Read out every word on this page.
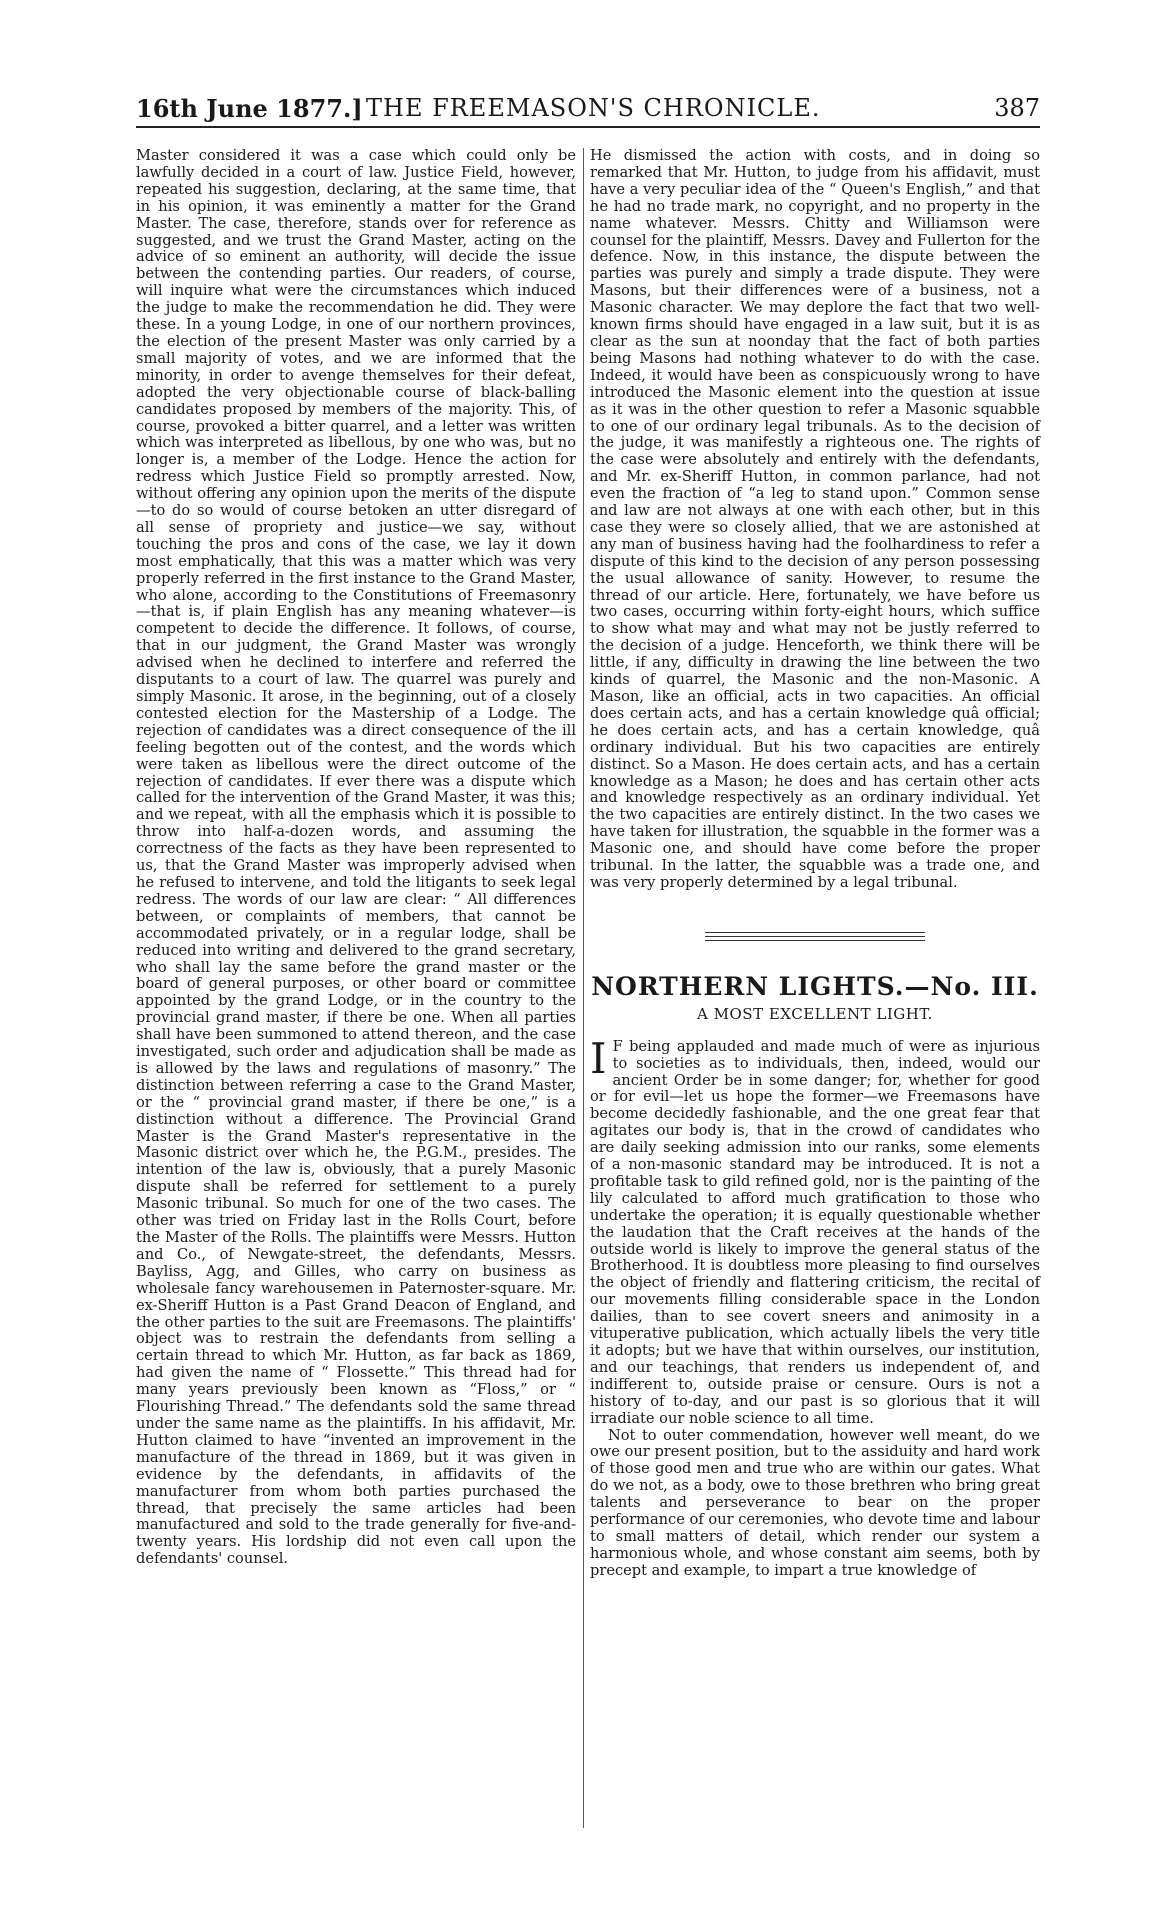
16th June 1877.] THE FREEMASON'S CHRONICLE.	387

Master considered it was a case which could only be lawfully decided in a court of law. Justice Field, however, repeated his suggestion, declaring, at the same time, that in his opinion, it was eminently a matter for the Grand Master. The case, therefore, stands over for reference as suggested, and we trust the Grand Master, acting on the advice of so eminent an authority, will decide the issue between the contending parties. Our readers, of course, will inquire what were the circumstances which induced the judge to make the recommendation he did. They were these. In a young Lodge, in one of our northern provinces, the election of the present Master was only carried by a small majority of votes, and we are informed that the minority, in order to avenge themselves for their defeat, adopted the very objectionable course of black-balling candidates proposed by members of the majority. This, of course, provoked a bitter quarrel, and a letter was written which was interpreted as libellous, by one who was, but no longer is, a member of the Lodge. Hence the action for redress which Justice Field so promptly arrested. Now, without offering any opinion upon the merits of the dispute—to do so would of course betoken an utter disregard of all sense of propriety and justice—we say, without touching the pros and cons of the case, we lay it down most emphatically, that this was a matter which was very properly referred in the first instance to the Grand Master, who alone, according to the Constitutions of Freemasonry—that is, if plain English has any meaning whatever—is competent to decide the difference. It follows, of course, that in our judgment, the Grand Master was wrongly advised when he declined to interfere and referred the disputants to a court of law. The quarrel was purely and simply Masonic. It arose, in the beginning, out of a closely contested election for the Mastership of a Lodge. The rejection of candidates was a direct consequence of the ill feeling begotten out of the contest, and the words which were taken as libellous were the direct outcome of the rejection of candidates. If ever there was a dispute which called for the intervention of the Grand Master, it was this; and we repeat, with all the emphasis which it is possible to throw into half-a-dozen words, and assuming the correctness of the facts as they have been represented to us, that the Grand Master was improperly advised when he refused to intervene, and told the litigants to seek legal redress. The words of our law are clear: “ All differences between, or complaints of members, that cannot be accommodated privately, or in a regular lodge, shall be reduced into writing and delivered to the grand secretary, who shall lay the same before the grand master or the board of general purposes, or other board or committee appointed by the grand Lodge, or in the country to the provincial grand master, if there be one. When all parties shall have been summoned to attend thereon, and the case investigated, such order and adjudication shall be made as is allowed by the laws and regulations of masonry.” The distinction between referring a case to the Grand Master, or the “ provincial grand master, if there be one,” is a distinction without a difference. The Provincial Grand Master is the Grand Master's representative in the Masonic district over which he, the P.G.M., presides. The intention of the law is, obviously, that a purely Masonic dispute shall be referred for settlement to a purely Masonic tribunal. So much for one of the two cases. The other was tried on Friday last in the Rolls Court, before the Master of the Rolls. The plaintiffs were Messrs. Hutton and Co., of Newgate-street, the defendants, Messrs. Bayliss, Agg, and Gilles, who carry on business as wholesale fancy warehousemen in Paternoster-square. Mr. ex-Sheriff Hutton is a Past Grand Deacon of England, and the other parties to the suit are Freemasons. The plaintiffs' object was to restrain the defendants from selling a certain thread to which Mr. Hutton, as far back as 1869, had given the name of “ Flossette.” This thread had for many years previously been known as “Floss,” or “ Flourishing Thread.” The defendants sold the same thread under the same name as the plaintiffs. In his affidavit, Mr. Hutton claimed to have “invented an improvement in the manufacture of the thread in 1869, but it was given in evidence by the defendants, in affidavits of the manufacturer from whom both parties purchased the thread, that precisely the same articles had been manufactured and sold to the trade generally for five-and-twenty years. His lordship did not even call upon the defendants' counsel.

He dismissed the action with costs, and in doing so remarked that Mr. Hutton, to judge from his affidavit, must have a very peculiar idea of the “ Queen's English,” and that he had no trade mark, no copyright, and no property in the name whatever. Messrs. Chitty and Williamson were counsel for the plaintiff, Messrs. Davey and Fullerton for the defence. Now, in this instance, the dispute between the parties was purely and simply a trade dispute. They were Masons, but their differences were of a business, not a Masonic character. We may deplore the fact that two well-known firms should have engaged in a law suit, but it is as clear as the sun at noonday that the fact of both parties being Masons had nothing whatever to do with the case. Indeed, it would have been as conspicuously wrong to have introduced the Masonic element into the question at issue as it was in the other question to refer a Masonic squabble to one of our ordinary legal tribunals. As to the decision of the judge, it was manifestly a righteous one. The rights of the case were absolutely and entirely with the defendants, and Mr. ex-Sheriff Hutton, in common parlance, had not even the fraction of “a leg to stand upon.” Common sense and law are not always at one with each other, but in this case they were so closely allied, that we are astonished at any man of business having had the foolhardiness to refer a dispute of this kind to the decision of any person possessing the usual allowance of sanity. However, to resume the thread of our article. Here, fortunately, we have before us two cases, occurring within forty-eight hours, which suffice to show what may and what may not be justly referred to the decision of a judge. Henceforth, we think there will be little, if any, difficulty in drawing the line between the two kinds of quarrel, the Masonic and the non-Masonic. A Mason, like an official, acts in two capacities. An official does certain acts, and has a certain knowledge quâ official; he does certain acts, and has a certain knowledge, quâ ordinary individual. But his two capacities are entirely distinct. So a Mason. He does certain acts, and has a certain knowledge as a Mason; he does and has certain other acts and knowledge respectively as an ordinary individual. Yet the two capacities are entirely distinct. In the two cases we have taken for illustration, the squabble in the former was a Masonic one, and should have come before the proper tribunal. In the latter, the squabble was a trade one, and was very properly determined by a legal tribunal.

NORTHERN LIGHTS.—No. III.
A MOST EXCELLENT LIGHT.

I F being applauded and made much of were as injurious to societies as to individuals, then, indeed, would our ancient Order be in some danger; for, whether for good or for evil—let us hope the former—we Freemasons have become decidedly fashionable, and the one great fear that agitates our body is, that in the crowd of candidates who are daily seeking admission into our ranks, some elements of a non-masonic standard may be introduced. It is not a profitable task to gild refined gold, nor is the painting of the lily calculated to afford much gratification to those who undertake the operation; it is equally questionable whether the laudation that the Craft receives at the hands of the outside world is likely to improve the general status of the Brotherhood. It is doubtless more pleasing to find ourselves the object of friendly and flattering criticism, the recital of our movements filling considerable space in the London dailies, than to see covert sneers and animosity in a vituperative publication, which actually libels the very title it adopts; but we have that within ourselves, our institution, and our teachings, that renders us independent of, and indifferent to, outside praise or censure. Ours is not a history of to-day, and our past is so glorious that it will irradiate our noble science to all time.

Not to outer commendation, however well meant, do we owe our present position, but to the assiduity and hard work of those good men and true who are within our gates. What do we not, as a body, owe to those brethren who bring great talents and perseverance to bear on the proper performance of our ceremonies, who devote time and labour to small matters of detail, which render our system a harmonious whole, and whose constant aim seems, both by precept and example, to impart a true knowledge of
